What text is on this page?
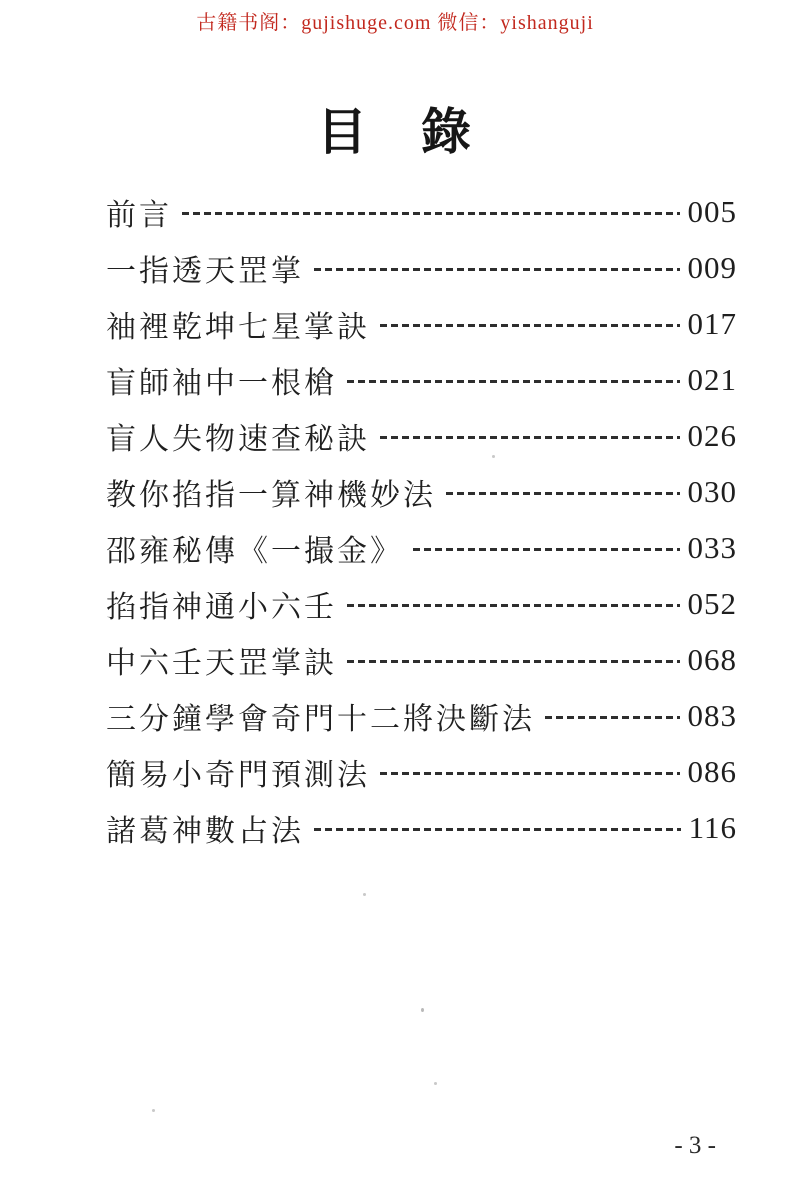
古籍书阁：gujishuge.com 微信：yishanguji
目　錄
前言	005
一指透天罡掌	009
袖裡乾坤七星掌訣	017
盲師袖中一根槍	021
盲人失物速查秘訣	026
教你掐指一算神機妙法	030
邵雍秘傳《一撮金》	033
掐指神通小六壬	052
中六壬天罡掌訣	068
三分鐘學會奇門十二將決斷法	083
簡易小奇門預測法	086
諸葛神數占法	116
- 3 -
